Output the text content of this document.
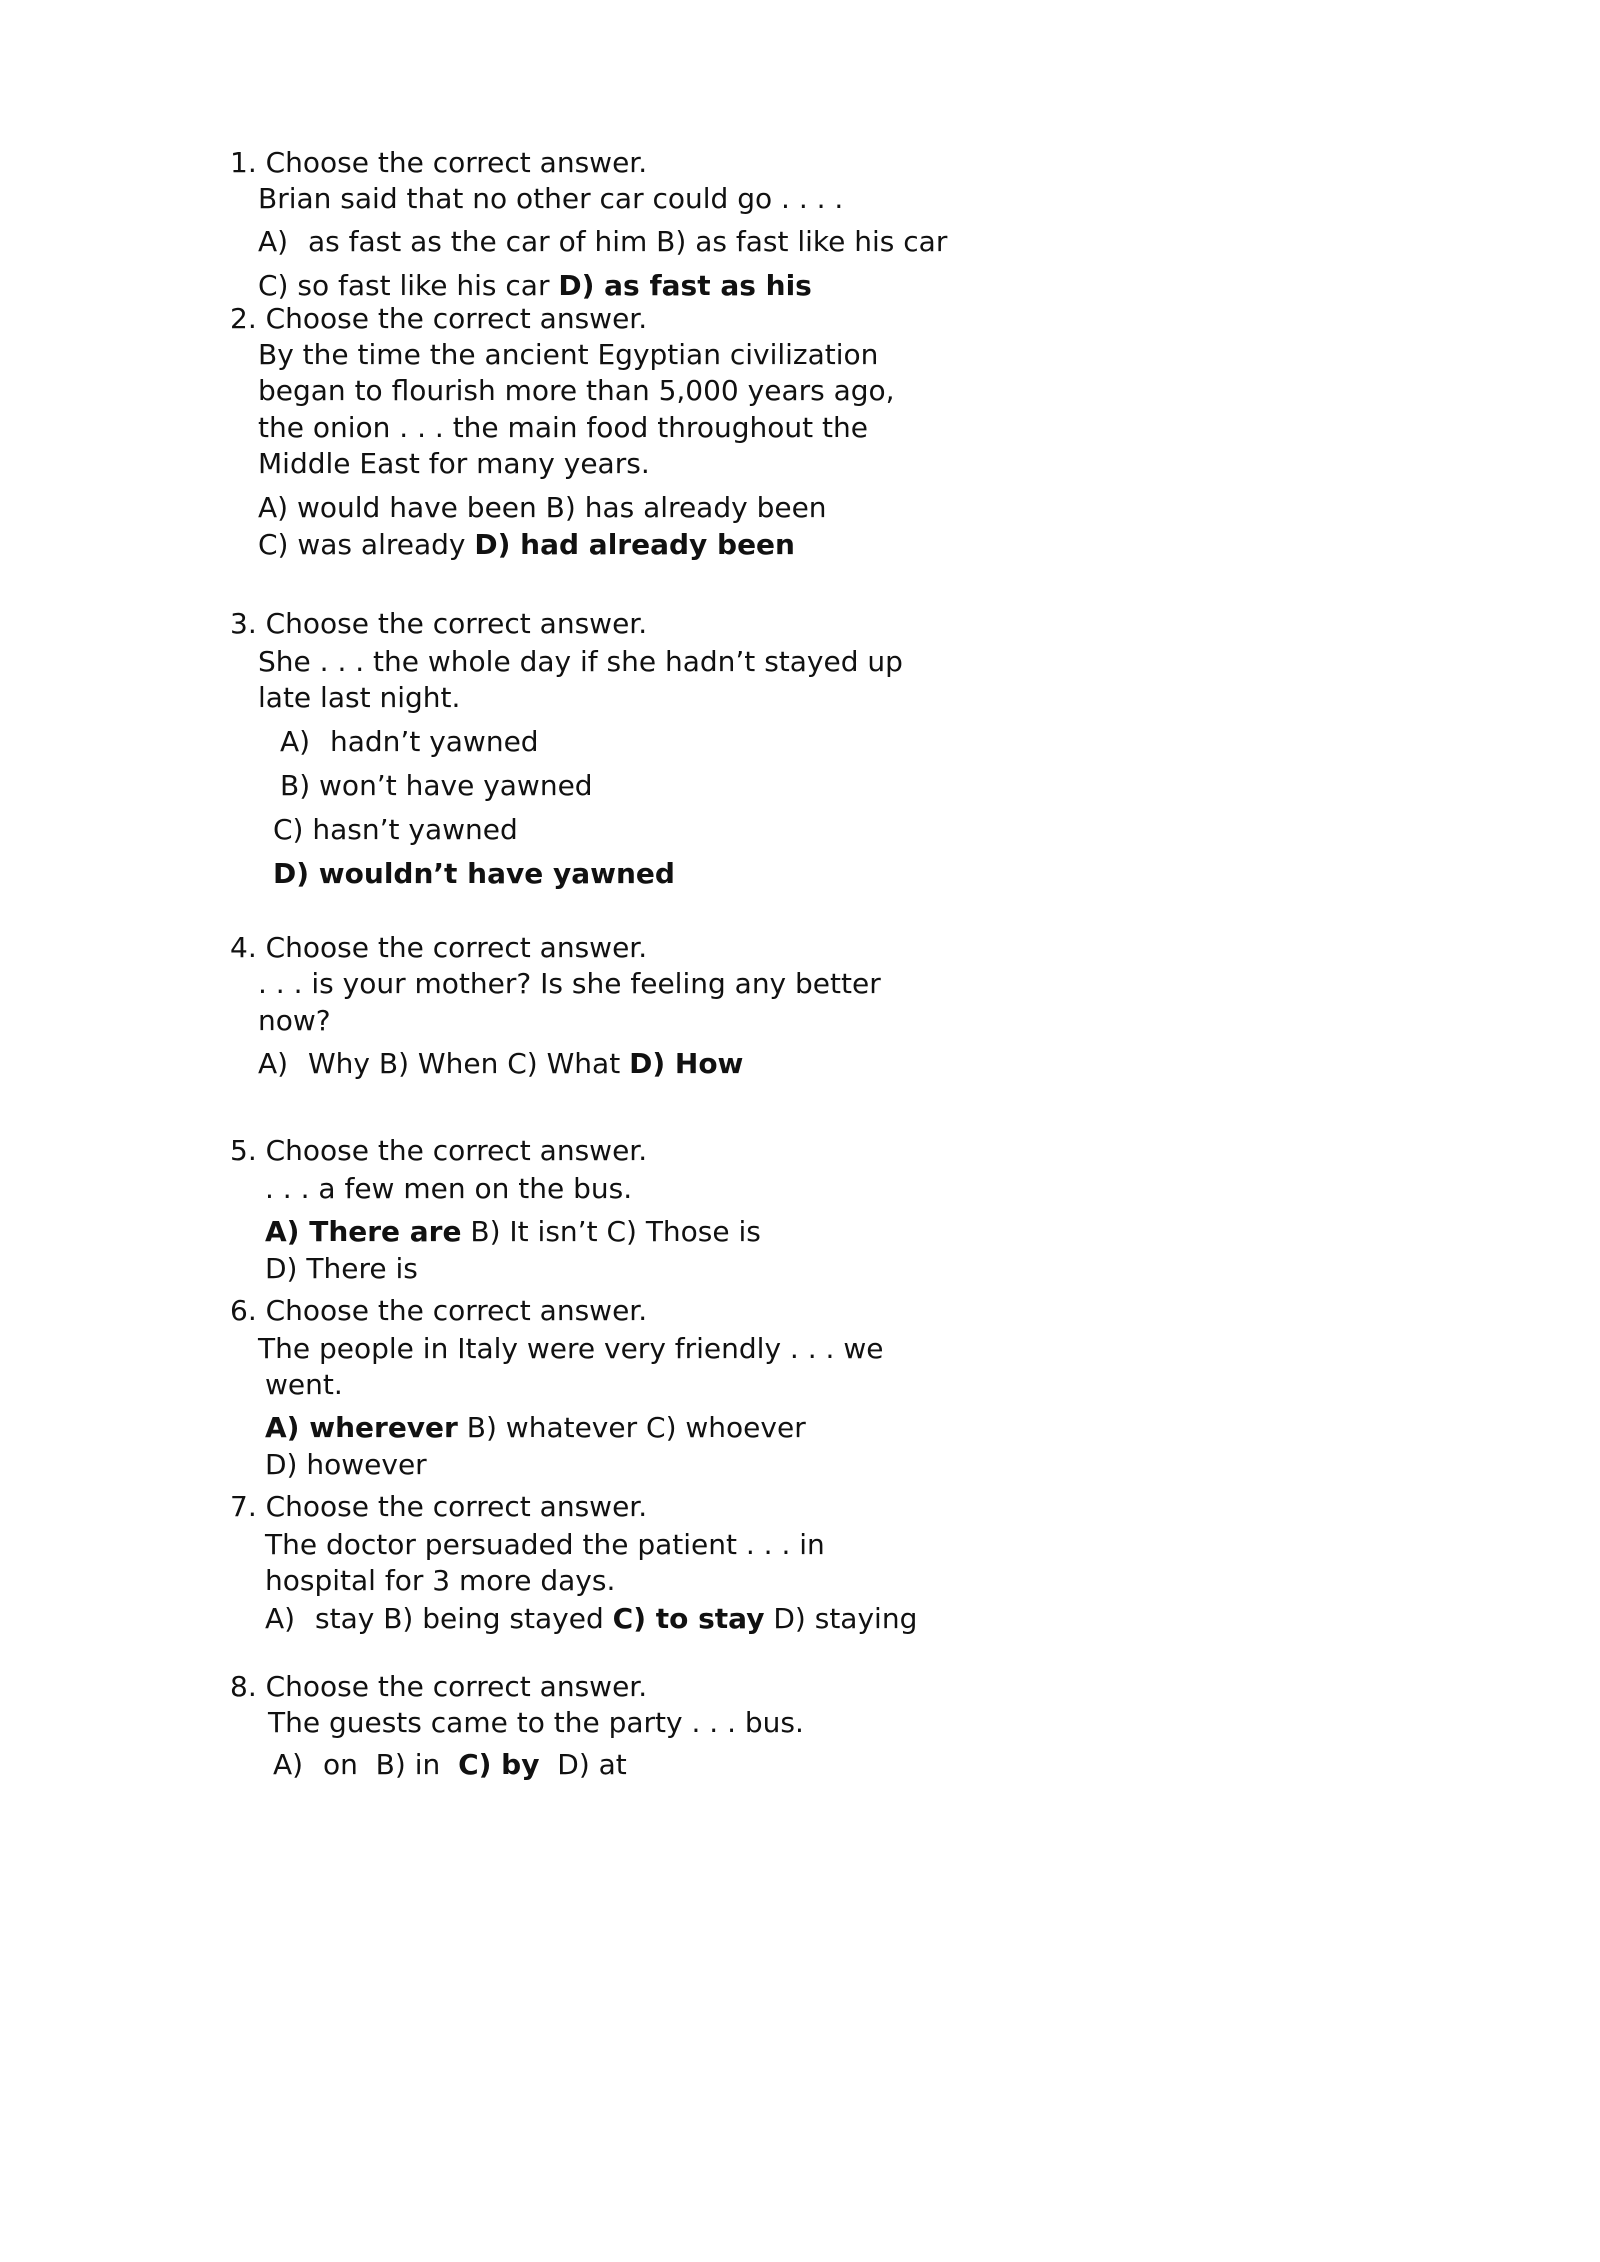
1. Choose the correct answer.
Brian said that no other car could go . . . .
A) as fast as the car of him B) as fast like his car
C) so fast like his car D) as fast as his
2. Choose the correct answer.
By the time the ancient Egyptian civilization
began to flourish more than 5,000 years ago,
the onion . . . the main food throughout the
Middle East for many years.
A) would have been B) has already been
C) was already D) had already been
3. Choose the correct answer.
She . . . the whole day if she hadn’t stayed up
late last night.
A) hadn’t yawned
B) won’t have yawned
C) hasn’t yawned
D) wouldn’t have yawned
4. Choose the correct answer.
. . . is your mother? Is she feeling any better
now?
A) Why B) When C) What D) How
5. Choose the correct answer.
. . . a few men on the bus.
A) There are B) It isn’t C) Those is
D) There is
6. Choose the correct answer.
The people in Italy were very friendly . . . we
went.
A) wherever B) whatever C) whoever
D) however
7. Choose the correct answer.
The doctor persuaded the patient . . . in
hospital for 3 more days.
A) stay B) being stayed C) to stay D) staying
8. Choose the correct answer.
The guests came to the party . . . bus.
A) on  B) in C) by D) at
